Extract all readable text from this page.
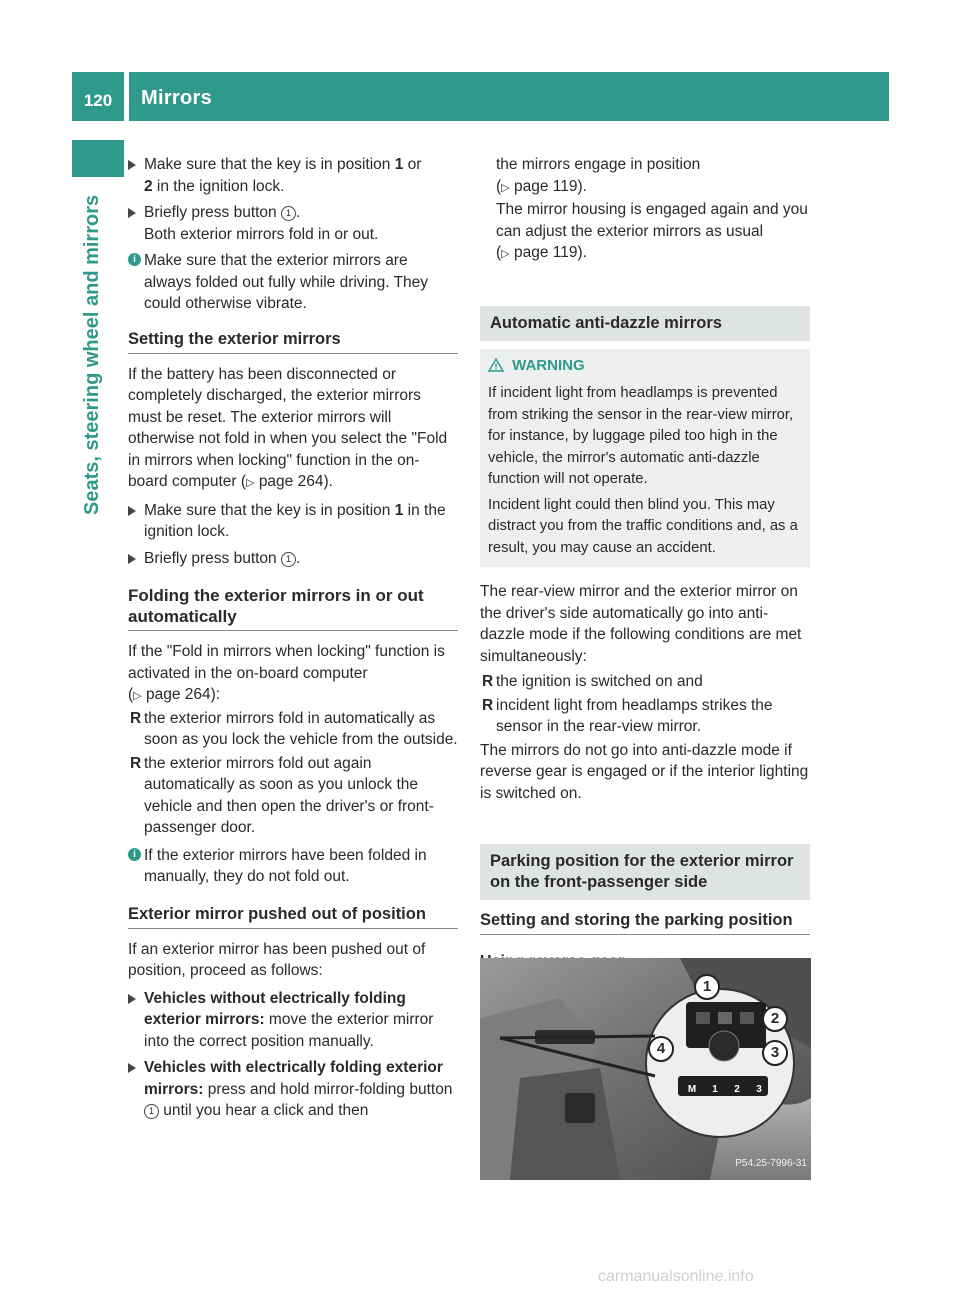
120	Mirrors
Seats, steering wheel and mirrors
Make sure that the key is in position 1 or
2 in the ignition lock.
Briefly press button 1 .
Both exterior mirrors fold in or out.
i Make sure that the exterior mirrors are always folded out fully while driving. They could otherwise vibrate.
Setting the exterior mirrors

If the battery has been disconnected or completely discharged, the exterior mirrors must be reset. The exterior mirrors will otherwise not fold in when you select the "Fold in mirrors when locking" function in the on-board computer (▷ page 264).

Make sure that the key is in position 1 in the ignition lock.
Briefly press button 1 .
Folding the exterior mirrors in or out automatically

If the "Fold in mirrors when locking" function is activated in the on-board computer
(▷ page 264):

R the exterior mirrors fold in automatically as soon as you lock the vehicle from the outside.
R the exterior mirrors fold out again automatically as soon as you unlock the vehicle and then open the driver's or front-passenger door.
i If the exterior mirrors have been folded in manually, they do not fold out.
Exterior mirror pushed out of position

If an exterior mirror has been pushed out of position, proceed as follows:

Vehicles without electrically folding exterior mirrors: move the exterior mirror into the correct position manually.
Vehicles with electrically folding exterior mirrors: press and hold mirror-folding button 1 until you hear a click and then

the mirrors engage in position
(▷ page 119).
The mirror housing is engaged again and you can adjust the exterior mirrors as usual
(▷ page 119).

Automatic anti-dazzle mirrors
WARNING

If incident light from headlamps is prevented from striking the sensor in the rear-view mirror, for instance, by luggage piled too high in the vehicle, the mirror's automatic anti-dazzle function will not operate.

Incident light could then blind you. This may distract you from the traffic conditions and, as a result, you may cause an accident.

The rear-view mirror and the exterior mirror on the driver's side automatically go into anti-dazzle mode if the following conditions are met simultaneously:

R the ignition is switched on and
R incident light from headlamps strikes the sensor in the rear-view mirror.

The mirrors do not go into anti-dazzle mode if reverse gear is engaged or if the interior lighting is switched on.

Parking position for the exterior mirror on the front-passenger side
Setting and storing the parking position
M	1	2	3
1
2
3
4
P54.25-7996-31
carmanualsonline.info
